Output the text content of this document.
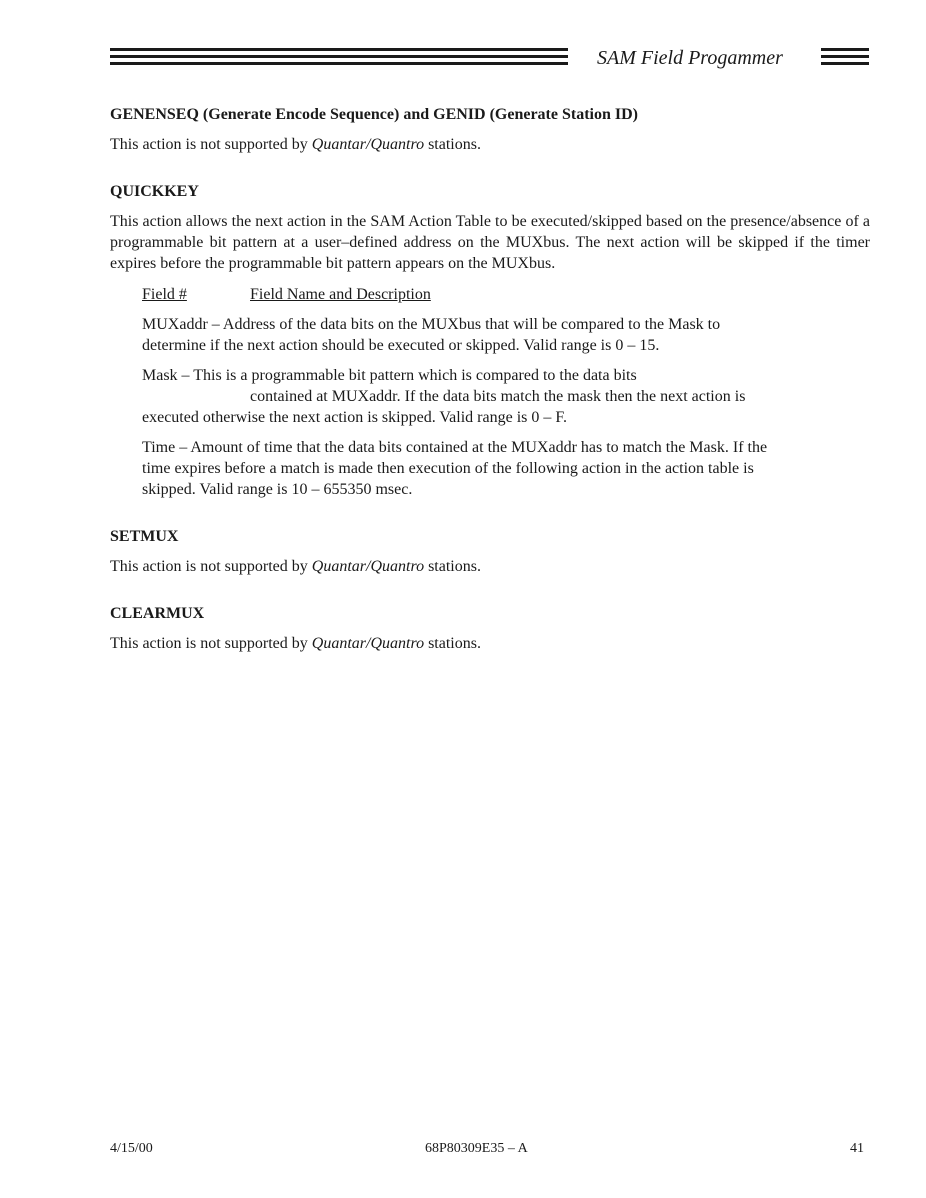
SAM Field Progammer
GENENSEQ (Generate Encode Sequence) and GENID (Generate Station ID)

This action is not supported by Quantar/Quantro stations.

QUICKKEY

This action allows the next action in the SAM Action Table to be executed/skipped based on the presence/absence of a programmable bit pattern at a user–defined address on the MUXbus. The next action will be skipped if the timer expires before the programmable bit pattern appears on the MUXbus.

Field #	Field Name and Description
MUXaddr – Address of the data bits on the MUXbus that will be compared to the Mask to determine if the next action should be executed or skipped. Valid range is 0 – 15.
Mask – This is a programmable bit pattern which is compared to the data bits
contained at MUXaddr. If the data bits match the mask then the next action is
executed otherwise the next action is skipped. Valid range is 0 – F.
Time – Amount of time that the data bits contained at the MUXaddr has to match the Mask. If the time expires before a match is made then execution of the following action in the action table is skipped. Valid range is 10 – 655350 msec.
SETMUX

This action is not supported by Quantar/Quantro stations.

CLEARMUX

This action is not supported by Quantar/Quantro stations.

4/15/00	68P80309E35 – A	41
